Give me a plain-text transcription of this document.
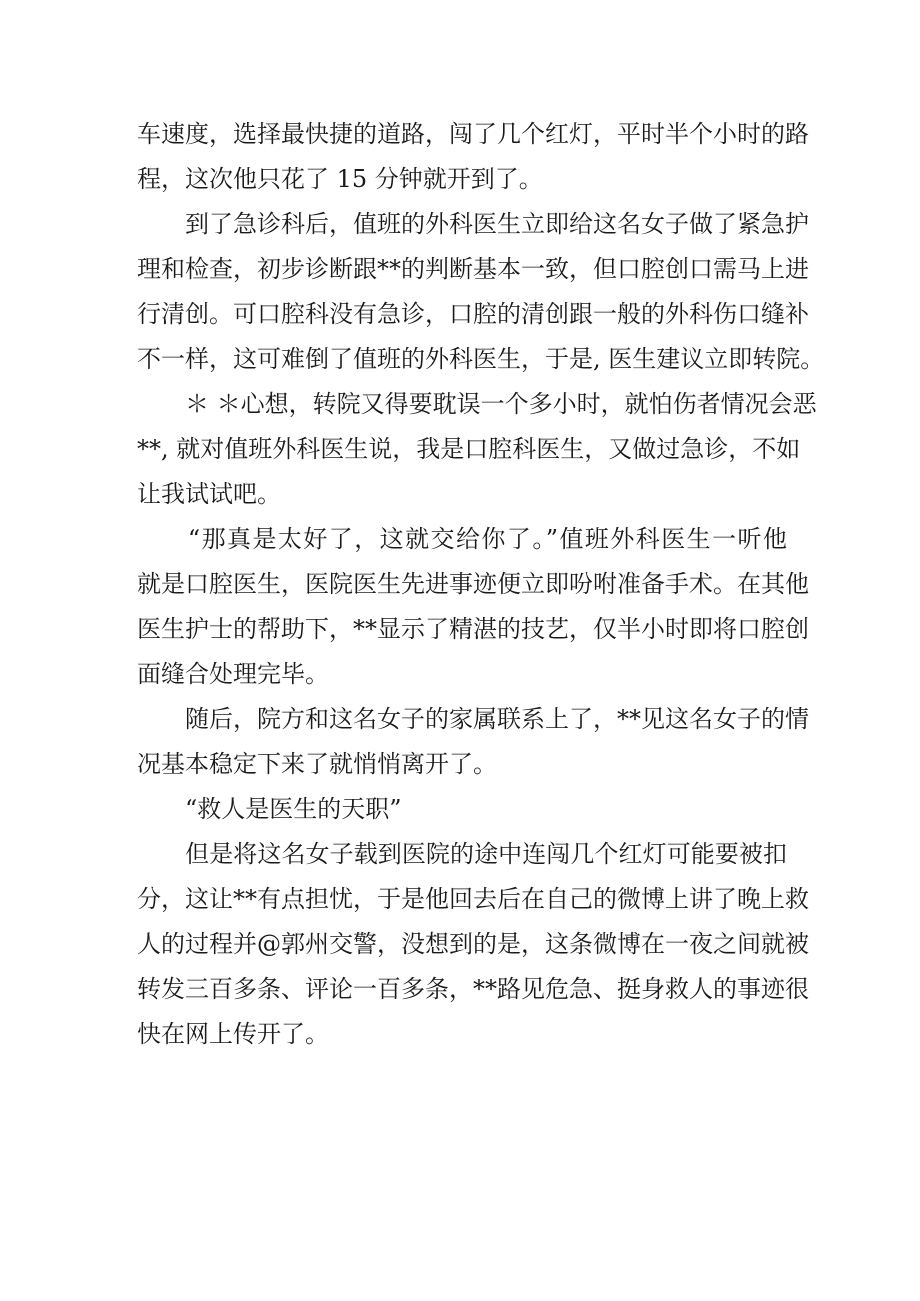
车速度，选择最快捷的道路，闯了几个红灯，平时半个小时的路
程，这次他只花了 15 分钟就开到了。

　　到了急诊科后，值班的外科医生立即给这名女子做了紧急护
理和检查，初步诊断跟**的判断基本一致，但口腔创口需马上进
行清创。可口腔科没有急诊，口腔的清创跟一般的外科伤口缝补
不一样，这可难倒了值班的外科医生，于是, 医生建议立即转院。

　　＊ ＊心想，转院又得要耽误一个多小时，就怕伤者情况会恶
**, 就对值班外科医生说，我是口腔科医生，又做过急诊，不如
让我试试吧。

　　“那真是太好了，这就交给你了。”值班外科医生一听他
就是口腔医生，医院医生先进事迹便立即吩咐准备手术。在其他
医生护士的帮助下，**显示了精湛的技艺，仅半小时即将口腔创
面缝合处理完毕。

　　随后，院方和这名女子的家属联系上了，**见这名女子的情
况基本稳定下来了就悄悄离开了。

“救人是医生的天职”

　　但是将这名女子载到医院的途中连闯几个红灯可能要被扣
分，这让**有点担忧，于是他回去后在自己的微博上讲了晚上救
人的过程并@郭州交警，没想到的是，这条微博在一夜之间就被
转发三百多条、评论一百多条，**路见危急、挺身救人的事迹很
快在网上传开了。
